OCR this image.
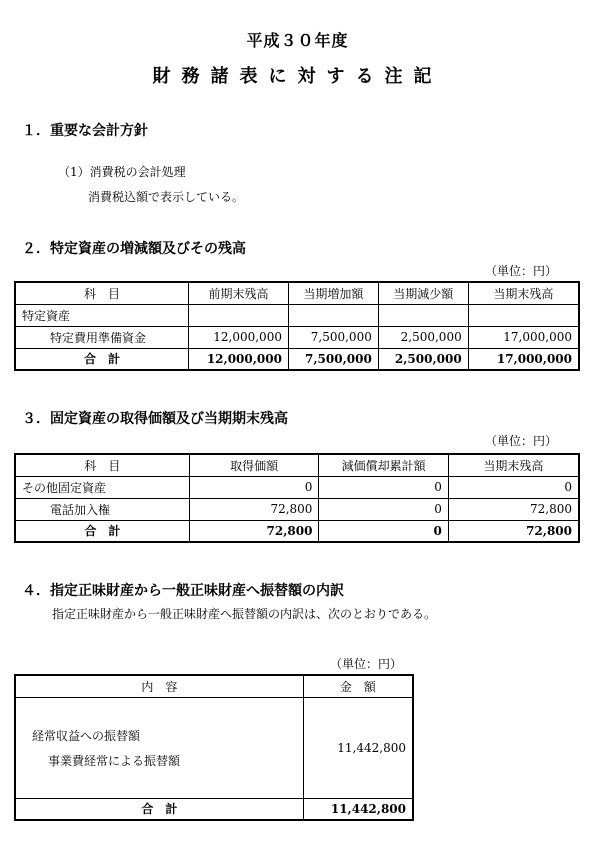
平成３０年度
財務諸表に対する注記
１．重要な会計方針
（1）消費税の会計処理
消費税込額で表示している。
２．特定資産の増減額及びその残高
（単位：円）
科　目	前期末残高	当期増加額	当期減少額	当期末残高
特定資産				
特定費用準備資金	12,000,000	7,500,000	2,500,000	17,000,000
合　計	12,000,000	7,500,000	2,500,000	17,000,000
３．固定資産の取得価額及び当期期末残高
（単位：円）
科　目	取得価額	減価償却累計額	当期末残高
その他固定資産	0	0	0
電話加入権	72,800	0	72,800
合　計	72,800	0	72,800
４．指定正味財産から一般正味財産へ振替額の内訳
指定正味財産から一般正味財産へ振替額の内訳は、次のとおりである。
（単位：円）
内　容	金　額

経常収益への振替額
事業費経常による振替額	11,442,800
合　計	11,442,800
